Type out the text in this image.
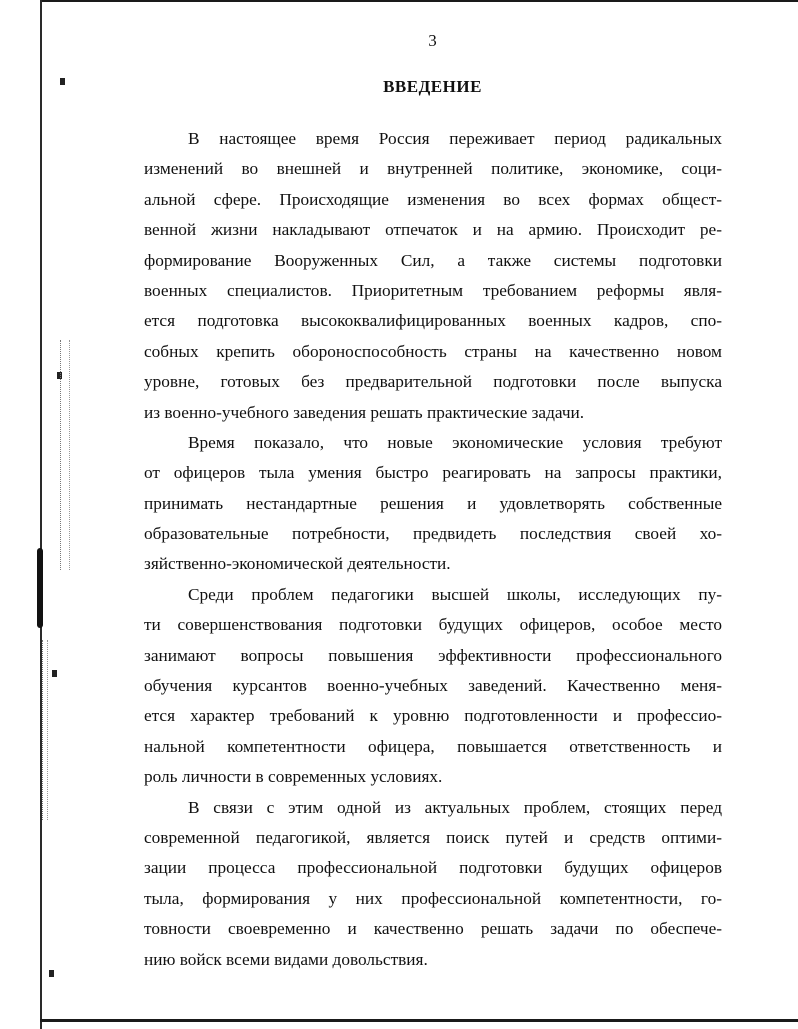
3
ВВЕДЕНИЕ
В настоящее время Россия переживает период радикальных
изменений во внешней и внутренней политике, экономике, соци-
альной сфере. Происходящие изменения во всех формах общест-
венной жизни накладывают отпечаток и на армию. Происходит ре-
формирование Вооруженных Сил, а также системы подготовки
военных специалистов. Приоритетным требованием реформы явля-
ется подготовка высококвалифицированных военных кадров, спо-
собных крепить обороноспособность страны на качественно новом
уровне, готовых без предварительной подготовки после выпуска
из военно-учебного заведения решать практические задачи.
Время показало, что новые экономические условия требуют
от офицеров тыла умения быстро реагировать на запросы практики,
принимать нестандартные решения и удовлетворять собственные
образовательные потребности, предвидеть последствия своей хо-
зяйственно-экономической деятельности.
Среди проблем педагогики высшей школы, исследующих пу-
ти совершенствования подготовки будущих офицеров, особое место
занимают вопросы повышения эффективности профессионального
обучения курсантов военно-учебных заведений. Качественно меня-
ется характер требований к уровню подготовленности и профессио-
нальной компетентности офицера, повышается ответственность и
роль личности в современных условиях.
В связи с этим одной из актуальных проблем, стоящих перед
современной педагогикой, является поиск путей и средств оптими-
зации процесса профессиональной подготовки будущих офицеров
тыла, формирования у них профессиональной компетентности, го-
товности своевременно и качественно решать задачи по обеспече-
нию войск всеми видами довольствия.
